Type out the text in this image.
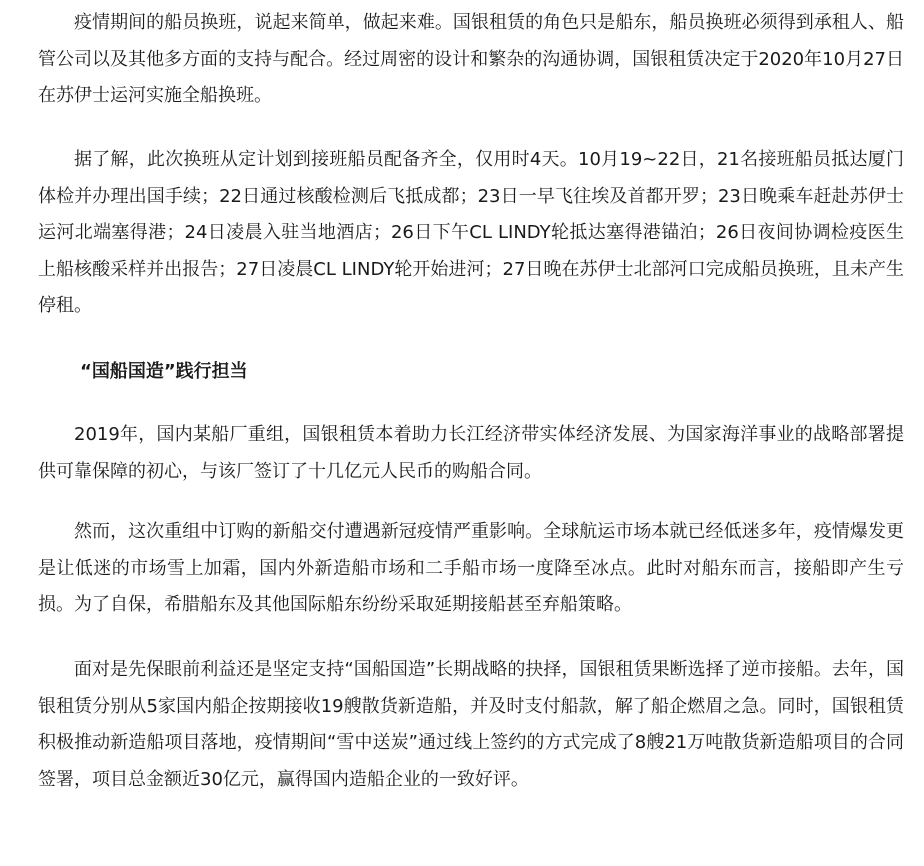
疫情期间的船员换班，说起来简单，做起来难。国银租赁的角色只是船东，船员换班必须得到承租人、船管公司以及其他多方面的支持与配合。经过周密的设计和繁杂的沟通协调，国银租赁决定于2020年10月27日在苏伊士运河实施全船换班。

据了解，此次换班从定计划到接班船员配备齐全，仅用时4天。10月19~22日，21名接班船员抵达厦门体检并办理出国手续；22日通过核酸检测后飞抵成都；23日一早飞往埃及首都开罗；23日晚乘车赶赴苏伊士运河北端塞得港；24日凌晨入驻当地酒店；26日下午CL LINDY轮抵达塞得港锚泊；26日夜间协调检疫医生上船核酸采样并出报告；27日凌晨CL LINDY轮开始进河；27日晚在苏伊士北部河口完成船员换班，且未产生停租。

“国船国造”践行担当

2019年，国内某船厂重组，国银租赁本着助力长江经济带实体经济发展、为国家海洋事业的战略部署提供可靠保障的初心，与该厂签订了十几亿元人民币的购船合同。

然而，这次重组中订购的新船交付遭遇新冠疫情严重影响。全球航运市场本就已经低迷多年，疫情爆发更是让低迷的市场雪上加霜，国内外新造船市场和二手船市场一度降至冰点。此时对船东而言，接船即产生亏损。为了自保，希腊船东及其他国际船东纷纷采取延期接船甚至弃船策略。

面对是先保眼前利益还是坚定支持“国船国造”长期战略的抉择，国银租赁果断选择了逆市接船。去年，国银租赁分别从5家国内船企按期接收19艘散货新造船，并及时支付船款，解了船企燃眉之急。同时，国银租赁积极推动新造船项目落地，疫情期间“雪中送炭”通过线上签约的方式完成了8艘21万吨散货新造船项目的合同签署，项目总金额近30亿元，赢得国内造船企业的一致好评。
